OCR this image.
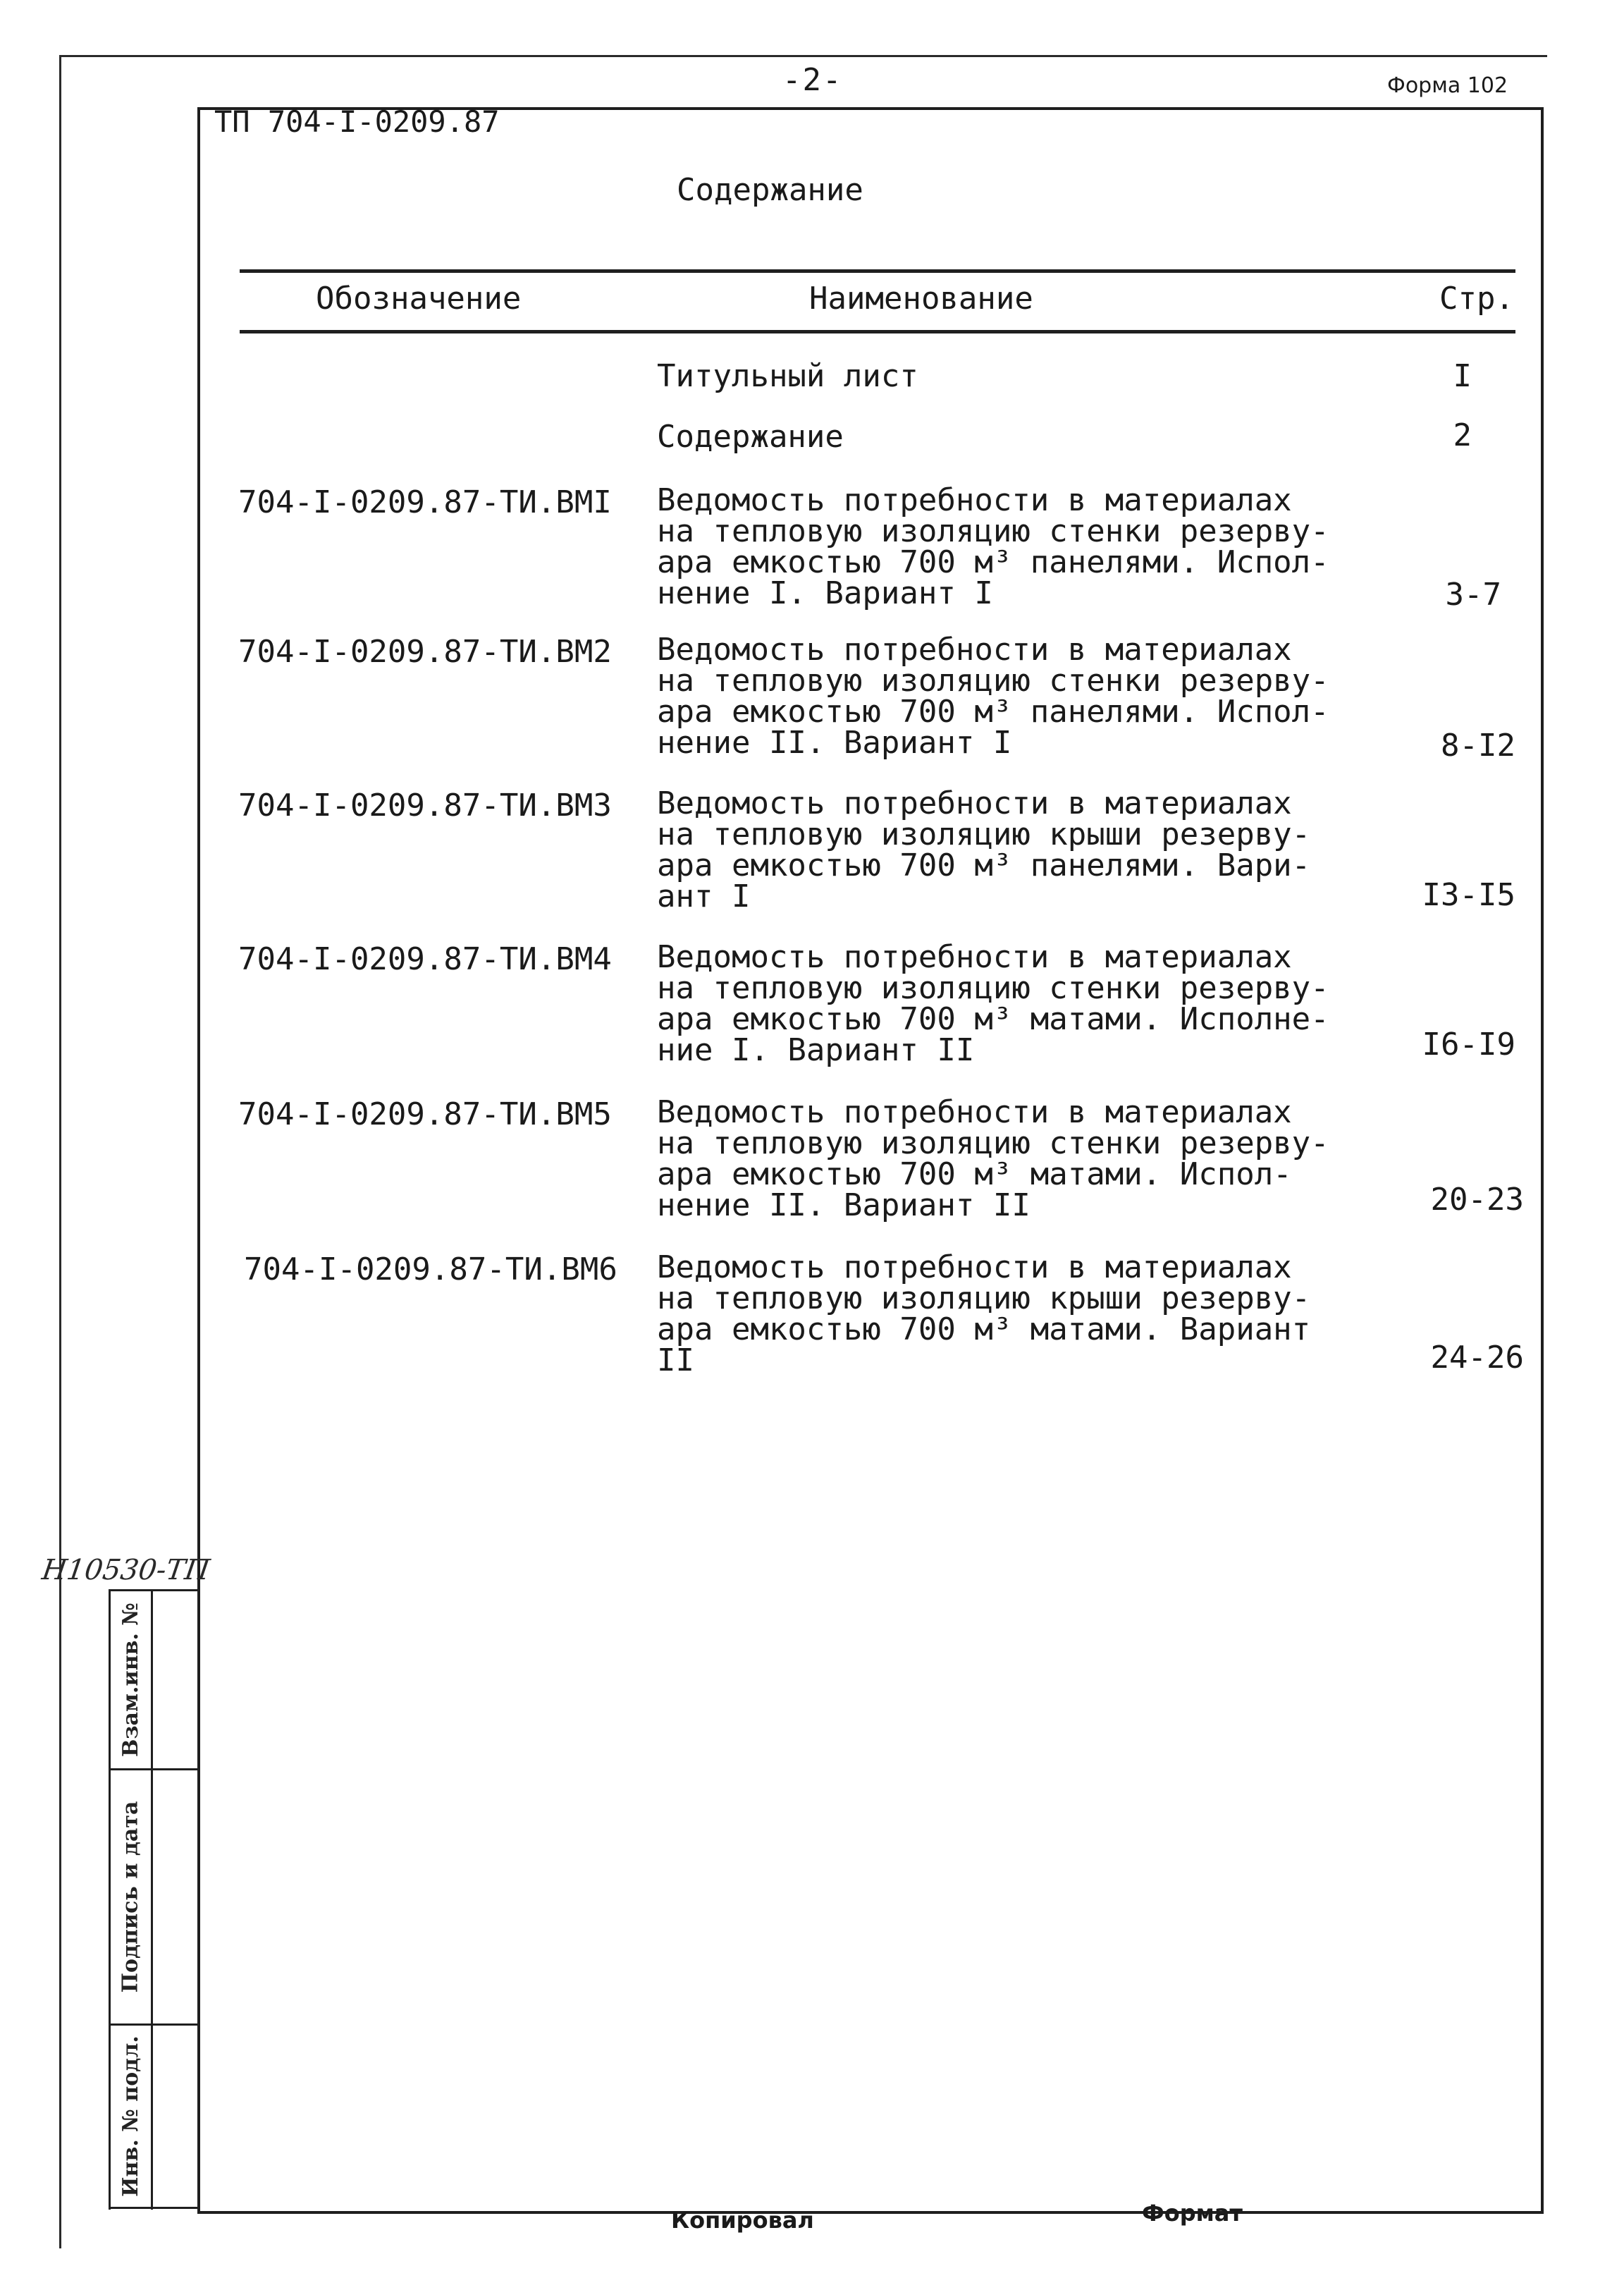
-2-	Форма 102
ТП 704-I-0209.87
Содержание
Обозначение	Наименование	Стр.
Титульный лист	I
Содержание	2
704-I-0209.87-ТИ.ВМI Ведомость потребности в материалах
на тепловую изоляцию стенки резерву-
ара емкостью 700 м³ панелями. Испол-
нение I. Вариант I	3-7
704-I-0209.87-ТИ.ВМ2 Ведомость потребности в материалах
на тепловую изоляцию стенки резерву-
ара емкостью 700 м³ панелями. Испол-
нение II. Вариант I	8-I2
704-I-0209.87-ТИ.ВМ3 Ведомость потребности в материалах
на тепловую изоляцию крыши резерву-
ара емкостью 700 м³ панелями. Вари-
ант I	I3-I5
704-I-0209.87-ТИ.ВМ4 Ведомость потребности в материалах
на тепловую изоляцию стенки резерву-
ара емкостью 700 м³ матами. Исполне-
ние I. Вариант II	I6-I9
704-I-0209.87-ТИ.ВМ5 Ведомость потребности в материалах
на тепловую изоляцию стенки резерву-
ара емкостью 700 м³ матами. Испол-
нение II. Вариант II	20-23
704-I-0209.87-ТИ.ВМ6 Ведомость потребности в материалах
на тепловую изоляцию крыши резерву-
ара емкостью 700 м³ матами. Вариант
II	24-26
Н10530-ТП
Взам.инв. №
Подпись и дата
Инв. № подл.
Копировал	Формат
